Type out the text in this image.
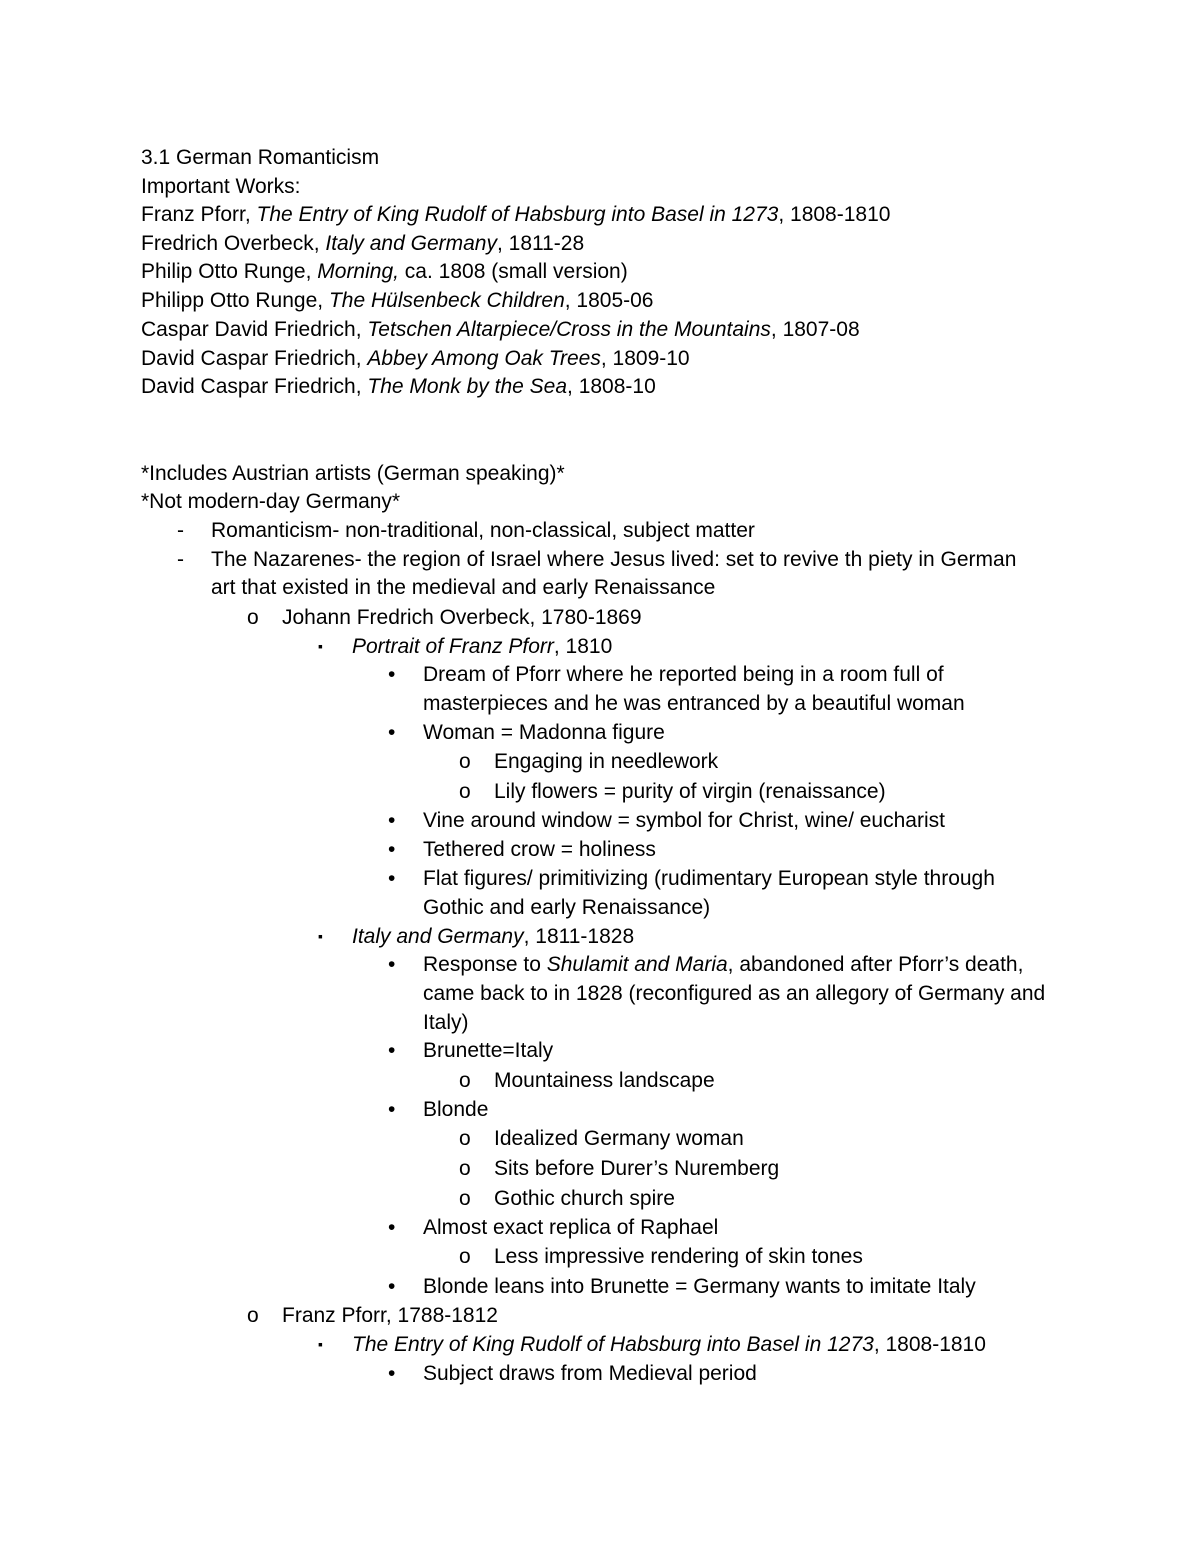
3.1 German Romanticism
Important Works:
Franz Pforr, The Entry of King Rudolf of Habsburg into Basel in 1273, 1808-1810
Fredrich Overbeck, Italy and Germany, 1811-28
Philip Otto Runge, Morning, ca. 1808 (small version)
Philipp Otto Runge, The Hülsenbeck Children, 1805-06
Caspar David Friedrich, Tetschen Altarpiece/Cross in the Mountains, 1807-08
David Caspar Friedrich, Abbey Among Oak Trees, 1809-10
David Caspar Friedrich, The Monk by the Sea, 1808-10
*Includes Austrian artists (German speaking)*
*Not modern-day Germany*
- Romanticism- non-traditional, non-classical, subject matter
- The Nazarenes- the region of Israel where Jesus lived: set to revive th piety in German
art that existed in the medieval and early Renaissance
o Johann Fredrich Overbeck, 1780-1869
▪ Portrait of Franz Pforr, 1810
• Dream of Pforr where he reported being in a room full of
masterpieces and he was entranced by a beautiful woman
• Woman = Madonna figure
o Engaging in needlework
o Lily flowers = purity of virgin (renaissance)
• Vine around window = symbol for Christ, wine/ eucharist
• Tethered crow = holiness
• Flat figures/ primitivizing (rudimentary European style through
Gothic and early Renaissance)
▪ Italy and Germany, 1811-1828
• Response to Shulamit and Maria, abandoned after Pforr’s death,
came back to in 1828 (reconfigured as an allegory of Germany and
Italy)
• Brunette=Italy
o Mountainess landscape
• Blonde
o Idealized Germany woman
o Sits before Durer’s Nuremberg
o Gothic church spire
• Almost exact replica of Raphael
o Less impressive rendering of skin tones
• Blonde leans into Brunette = Germany wants to imitate Italy
o Franz Pforr, 1788-1812
▪ The Entry of King Rudolf of Habsburg into Basel in 1273, 1808-1810
• Subject draws from Medieval period
